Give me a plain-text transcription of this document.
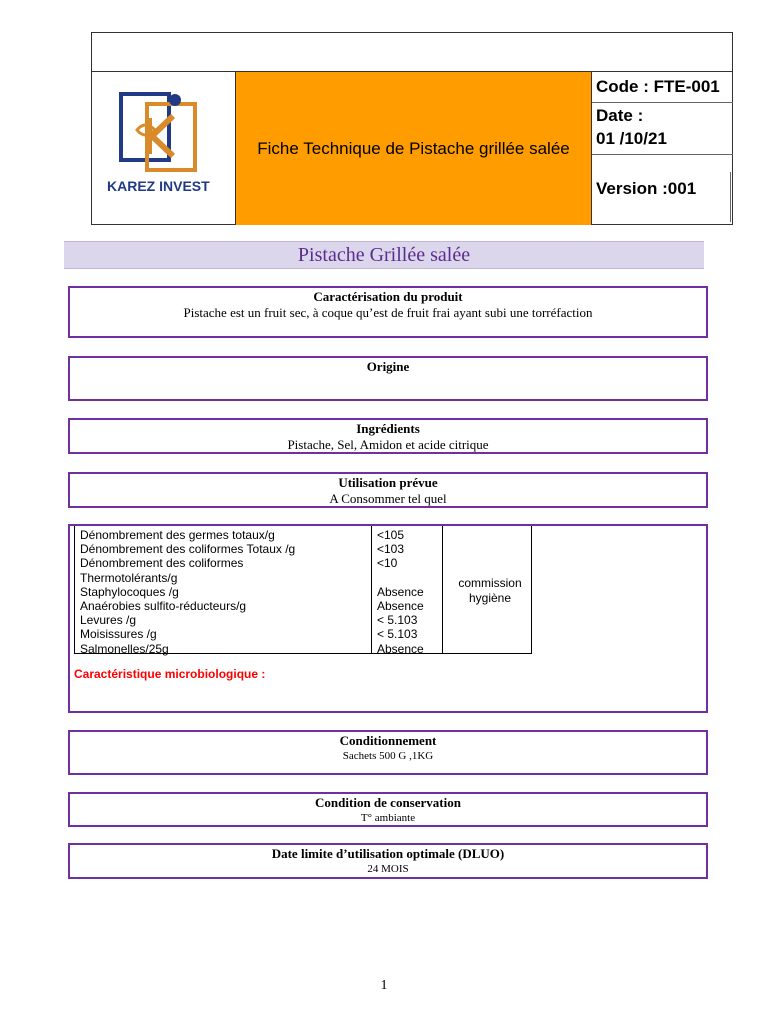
KAREZ INVEST
Fiche Technique de Pistache grillée salée
Code : FTE-001
Date :
01 /10/21
Version :001
Pistache Grillée salée
Caractérisation du produit
Pistache est un fruit sec, à coque qu’est de fruit frai ayant subi une torréfaction
Origine
Ingrédients
Pistache, Sel, Amidon et acide citrique
Utilisation prévue
A Consommer tel quel
Dénombrement des germes totaux/g
Dénombrement des coliformes Totaux /g
Dénombrement des coliformes
Thermotolérants/g
Staphylocoques /g
Anaérobies sulfito-réducteurs/g
Levures /g
Moisissures /g
Salmonelles/25g
<105
<103
<10
Absence
Absence
< 5.103
< 5.103
Absence
commission hygiène
Caractéristique microbiologique :
Conditionnement
Sachets 500 G ,1KG
Condition de conservation
T° ambiante
Date limite d’utilisation optimale (DLUO)
24 MOIS
1
